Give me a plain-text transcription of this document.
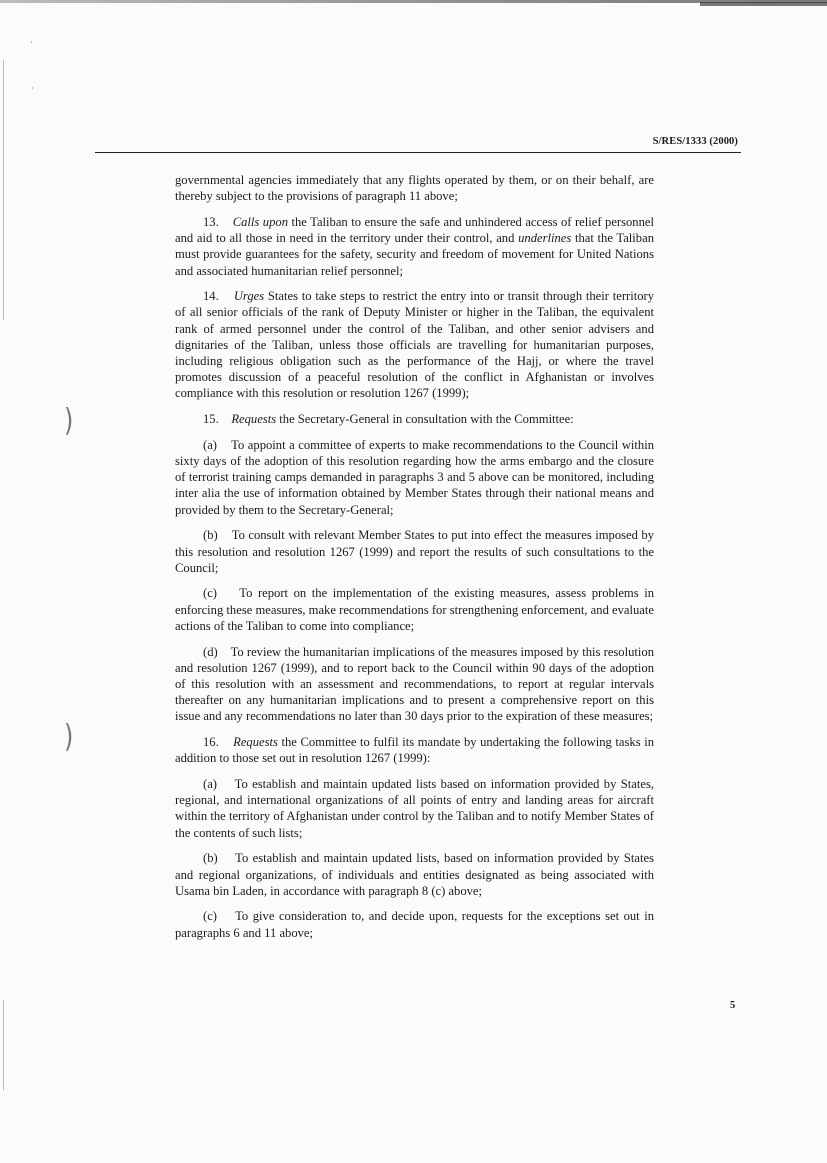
·
·
)
)
S/RES/1333 (2000)

governmental agencies immediately that any flights operated by them, or on their behalf, are thereby subject to the provisions of paragraph 11 above;

13. Calls upon the Taliban to ensure the safe and unhindered access of relief personnel and aid to all those in need in the territory under their control, and underlines that the Taliban must provide guarantees for the safety, security and freedom of movement for United Nations and associated humanitarian relief personnel;

14. Urges States to take steps to restrict the entry into or transit through their territory of all senior officials of the rank of Deputy Minister or higher in the Taliban, the equivalent rank of armed personnel under the control of the Taliban, and other senior advisers and dignitaries of the Taliban, unless those officials are travelling for humanitarian purposes, including religious obligation such as the performance of the Hajj, or where the travel promotes discussion of a peaceful resolution of the conflict in Afghanistan or involves compliance with this resolution or resolution 1267 (1999);

15. Requests the Secretary-General in consultation with the Committee:

(a) To appoint a committee of experts to make recommendations to the Council within sixty days of the adoption of this resolution regarding how the arms embargo and the closure of terrorist training camps demanded in paragraphs 3 and 5 above can be monitored, including inter alia the use of information obtained by Member States through their national means and provided by them to the Secretary-General;

(b) To consult with relevant Member States to put into effect the measures imposed by this resolution and resolution 1267 (1999) and report the results of such consultations to the Council;

(c) To report on the implementation of the existing measures, assess problems in enforcing these measures, make recommendations for strengthening enforcement, and evaluate actions of the Taliban to come into compliance;

(d) To review the humanitarian implications of the measures imposed by this resolution and resolution 1267 (1999), and to report back to the Council within 90 days of the adoption of this resolution with an assessment and recommendations, to report at regular intervals thereafter on any humanitarian implications and to present a comprehensive report on this issue and any recommendations no later than 30 days prior to the expiration of these measures;

16. Requests the Committee to fulfil its mandate by undertaking the following tasks in addition to those set out in resolution 1267 (1999):

(a) To establish and maintain updated lists based on information provided by States, regional, and international organizations of all points of entry and landing areas for aircraft within the territory of Afghanistan under control by the Taliban and to notify Member States of the contents of such lists;

(b) To establish and maintain updated lists, based on information provided by States and regional organizations, of individuals and entities designated as being associated with Usama bin Laden, in accordance with paragraph 8 (c) above;

(c) To give consideration to, and decide upon, requests for the exceptions set out in paragraphs 6 and 11 above;

5
